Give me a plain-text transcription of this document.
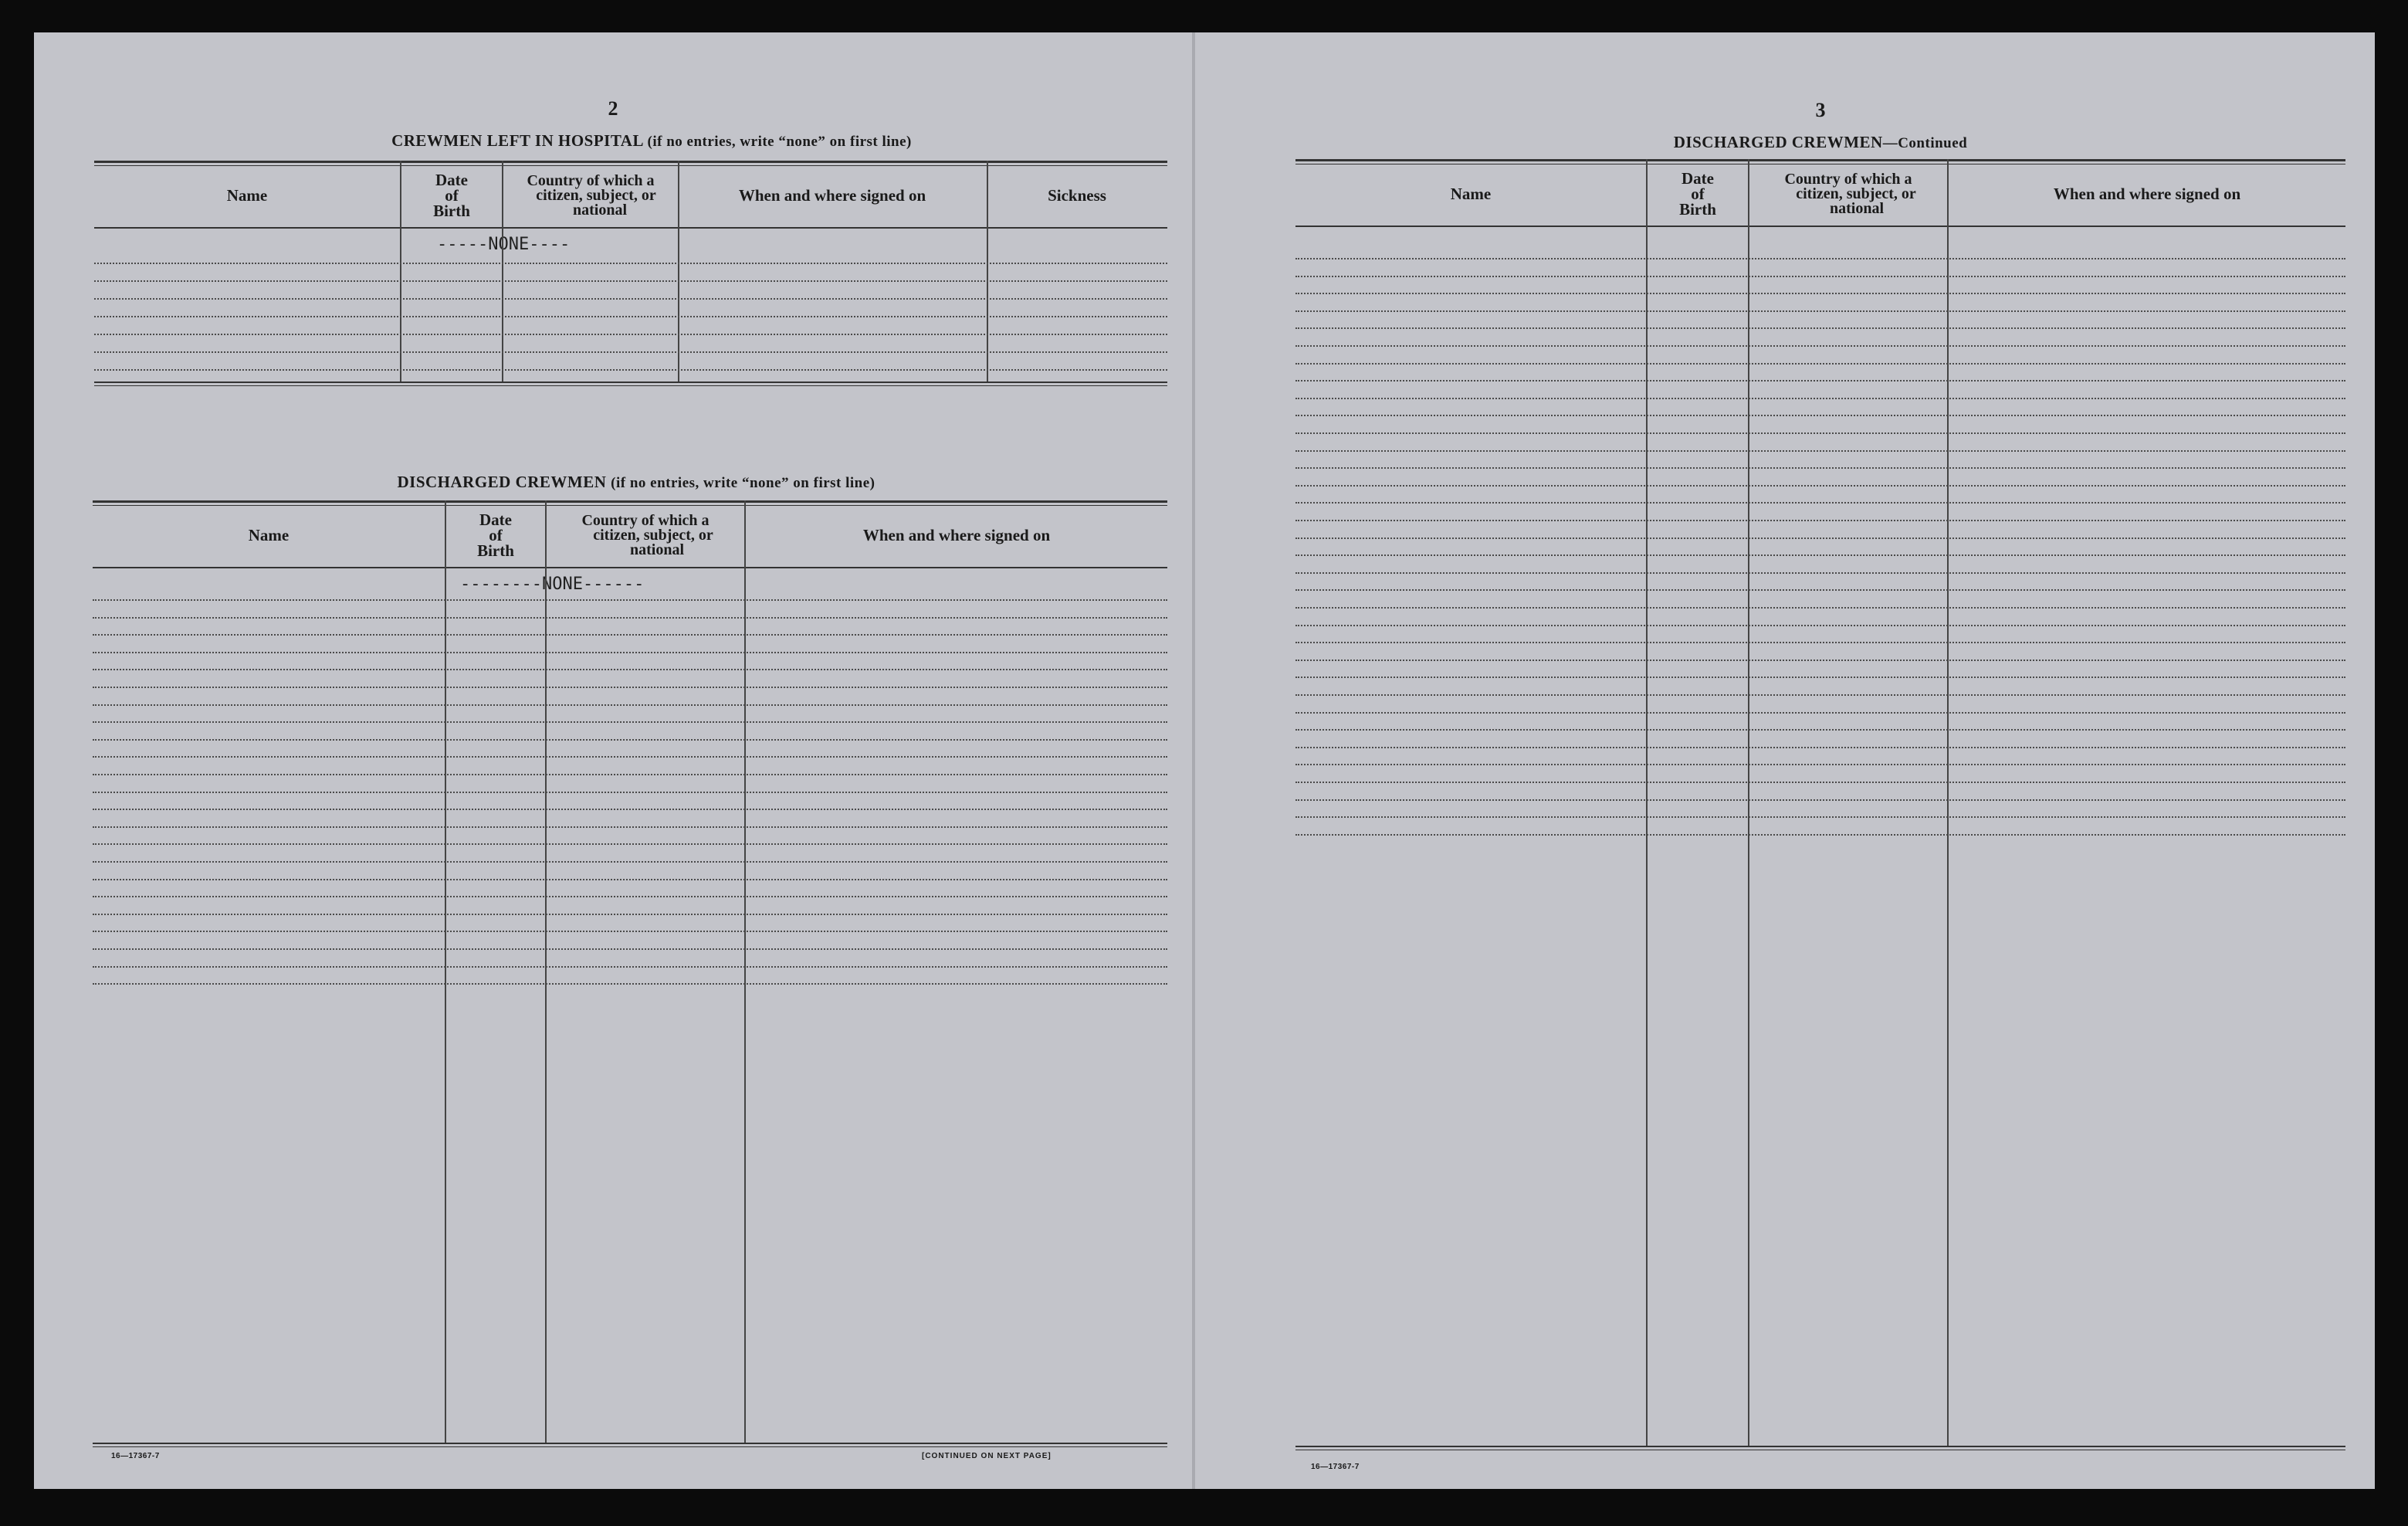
2
CREWMEN LEFT IN HOSPITAL (if no entries, write “none” on first line)
Name
Date
of
Birth
Country of which a
citizen, subject, or
national
When and where signed on	Sickness
-----NONE----
DISCHARGED CREWMEN (if no entries, write “none” on first line)
Name
Date
of
Birth
Country of which a
citizen, subject, or
national
When and where signed on
--------NONE------
16—17367-7	[CONTINUED ON NEXT PAGE]
3
DISCHARGED CREWMEN—Continued
Name
Date
of
Birth
Country of which a
citizen, subject, or
national
When and where signed on
16—17367-7
